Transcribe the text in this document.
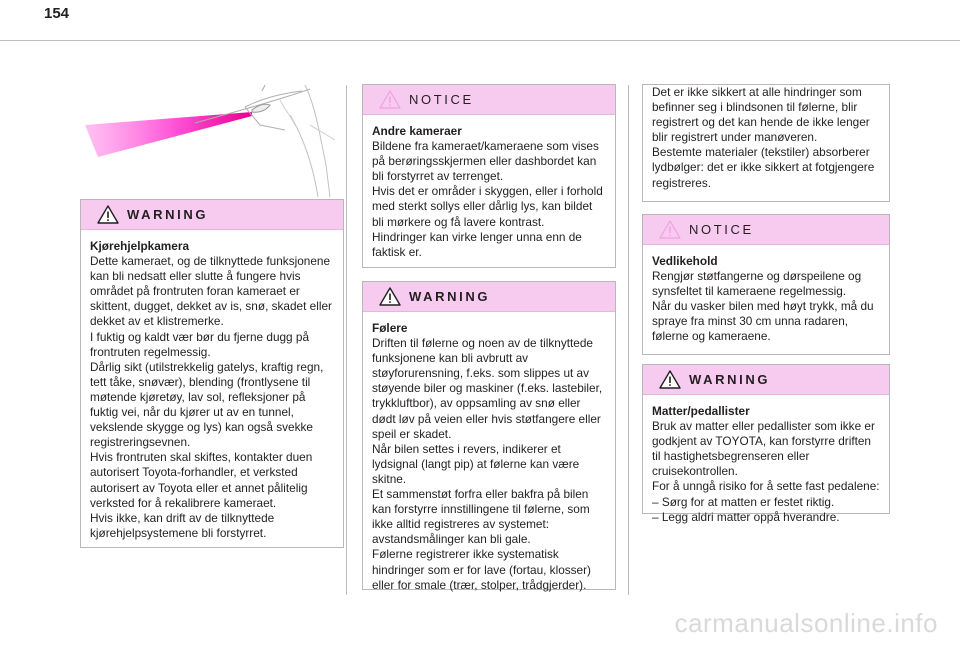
154
WARNING
Kjørehjelpkamera
Dette kameraet, og de tilknyttede funksjonene kan bli nedsatt eller slutte å fungere hvis området på frontruten foran kameraet er skittent, dugget, dekket av is, snø, skadet eller dekket av et klistremerke.
I fuktig og kaldt vær bør du fjerne dugg på frontruten regelmessig.
Dårlig sikt (utilstrekkelig gatelys, kraftig regn, tett tåke, snøvær), blending (frontlysene til møtende kjøretøy, lav sol, refleksjoner på fuktig vei, når du kjører ut av en tunnel, vekslende skygge og lys) kan også svekke registreringsevnen.
Hvis frontruten skal skiftes, kontakter duen autorisert Toyota-forhandler, et verksted autorisert av Toyota eller et annet pålitelig verksted for å rekalibrere kameraet.
Hvis ikke, kan drift av de tilknyttede kjørehjelpsystemene bli forstyrret.
NOTICE
Andre kameraer
Bildene fra kameraet/kameraene som vises på berøringsskjermen eller dashbordet kan bli forstyrret av terrenget.
Hvis det er områder i skyggen, eller i forhold med sterkt sollys eller dårlig lys, kan bildet bli mørkere og få lavere kontrast.
Hindringer kan virke lenger unna enn de faktisk er.
WARNING
Følere
Driften til følerne og noen av de tilknyttede funksjonene kan bli avbrutt av støyforurensning, f.eks. som slippes ut av støyende biler og maskiner (f.eks. lastebiler, trykkluftbor), av oppsamling av snø eller dødt løv på veien eller hvis støtfangere eller speil er skadet.
Når bilen settes i revers, indikerer et lydsignal (langt pip) at følerne kan være skitne.
Et sammenstøt forfra eller bakfra på bilen kan forstyrre innstillingene til følerne, som ikke alltid registreres av systemet: avstandsmålinger kan bli gale.
Følerne registrerer ikke systematisk hindringer som er for lave (fortau, klosser) eller for smale (trær, stolper, trådgjerder).
Det er ikke sikkert at alle hindringer som befinner seg i blindsonen til følerne, blir registrert og det kan hende de ikke lenger blir registrert under manøveren.
Bestemte materialer (tekstiler) absorberer lydbølger: det er ikke sikkert at fotgjengere registreres.
NOTICE
Vedlikehold
Rengjør støtfangerne og dørspeilene og synsfeltet til kameraene regelmessig.
Når du vasker bilen med høyt trykk, må du spraye fra minst 30 cm unna radaren, følerne og kameraene.
WARNING
Matter/pedallister
Bruk av matter eller pedallister som ikke er godkjent av TOYOTA, kan forstyrre driften til hastighetsbegrenseren eller cruisekontrollen.
For å unngå risiko for å sette fast pedalene:
– Sørg for at matten er festet riktig.
– Legg aldri matter oppå hverandre.
carmanualsonline.info
